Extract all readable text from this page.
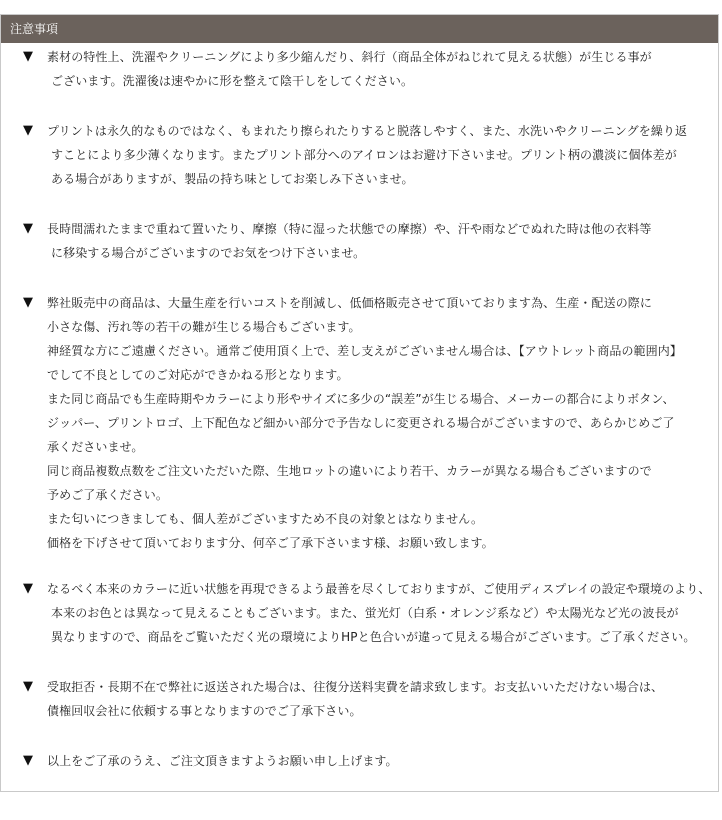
注意事項
▼	素材の特性上、洗濯やクリーニングにより多少縮んだり、斜行（商品全体がねじれて見える状態）が生じる事が
ございます。洗濯後は速やかに形を整えて陰干しをしてください。
▼	プリントは永久的なものではなく、もまれたり擦られたりすると脱落しやすく、また、水洗いやクリーニングを繰り返
すことにより多少薄くなります。またプリント部分へのアイロンはお避け下さいませ。プリント柄の濃淡に個体差が
ある場合がありますが、製品の持ち味としてお楽しみ下さいませ。
▼	長時間濡れたままで重ねて置いたり、摩擦（特に湿った状態での摩擦）や、汗や雨などでぬれた時は他の衣料等
に移染する場合がございますのでお気をつけ下さいませ。
▼	弊社販売中の商品は、大量生産を行いコストを削減し、低価格販売させて頂いております為、生産・配送の際に
小さな傷、汚れ等の若干の難が生じる場合もございます。
神経質な方にご遠慮ください。通常ご使用頂く上で、差し支えがございません場合は、【アウトレット商品の範囲内】
でして不良としてのご対応ができかねる形となります。
また同じ商品でも生産時期やカラーにより形やサイズに多少の“誤差”が生じる場合、メーカーの都合によりボタン、
ジッパー、プリントロゴ、上下配色など細かい部分で予告なしに変更される場合がございますので、あらかじめご了
承くださいませ。
同じ商品複数点数をご注文いただいた際、生地ロットの違いにより若干、カラーが異なる場合もございますので
予めご了承ください。
また匂いにつきましても、個人差がございますため不良の対象とはなりません。
価格を下げさせて頂いております分、何卒ご了承下さいます様、お願い致します。
▼	なるべく本来のカラーに近い状態を再現できるよう最善を尽くしておりますが、ご使用ディスプレイの設定や環境のより、
本来のお色とは異なって見えることもございます。また、蛍光灯（白系・オレンジ系など）や太陽光など光の波長が
異なりますので、商品をご覧いただく光の環境によりHPと色合いが違って見える場合がございます。ご了承ください。
▼	受取拒否・長期不在で弊社に返送された場合は、往復分送料実費を請求致します。お支払いいただけない場合は、
債権回収会社に依頼する事となりますのでご了承下さい。
▼	以上をご了承のうえ、ご注文頂きますようお願い申し上げます。
